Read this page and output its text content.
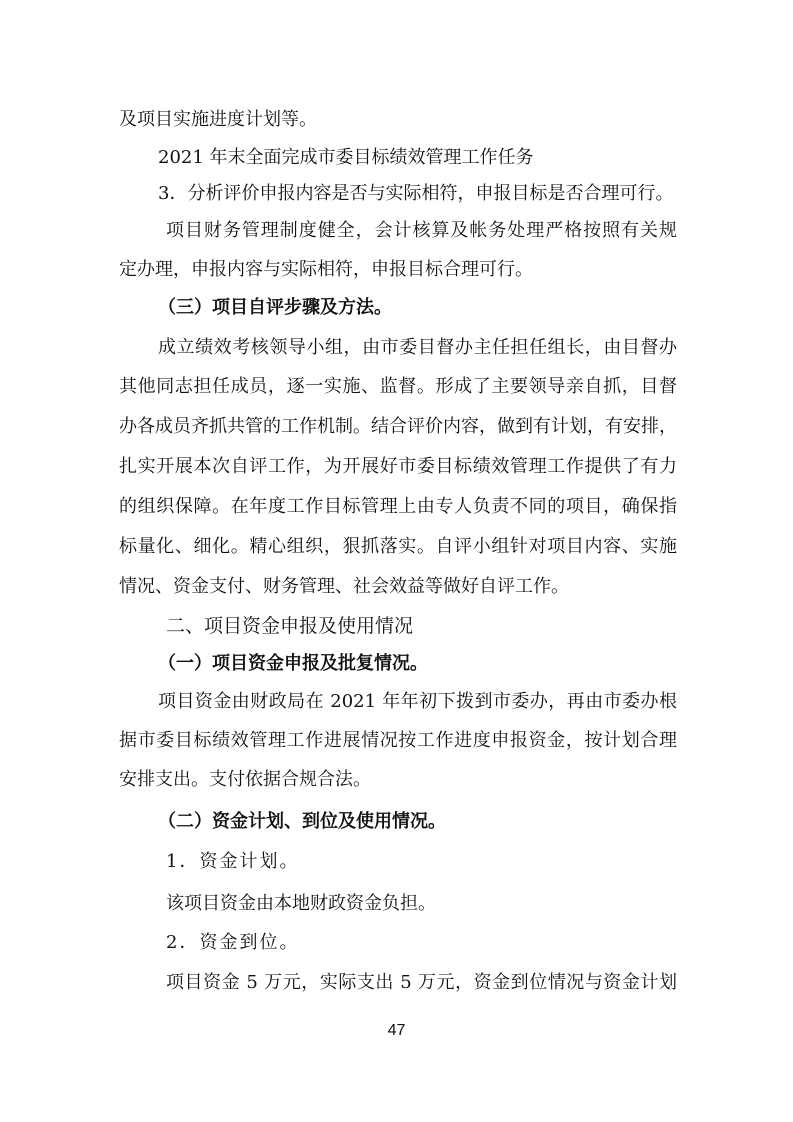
及项目实施进度计划等。
2021 年末全面完成市委目标绩效管理工作任务
3．分析评价申报内容是否与实际相符，申报目标是否合理可行。
项目财务管理制度健全，会计核算及帐务处理严格按照有关规
定办理，申报内容与实际相符，申报目标合理可行。
（三）项目自评步骤及方法。
成立绩效考核领导小组，由市委目督办主任担任组长，由目督办
其他同志担任成员，逐一实施、监督。形成了主要领导亲自抓，目督
办各成员齐抓共管的工作机制。结合评价内容，做到有计划，有安排，
扎实开展本次自评工作，为开展好市委目标绩效管理工作提供了有力
的组织保障。在年度工作目标管理上由专人负责不同的项目，确保指
标量化、细化。精心组织，狠抓落实。自评小组针对项目内容、实施
情况、资金支付、财务管理、社会效益等做好自评工作。
二、项目资金申报及使用情况
（一）项目资金申报及批复情况。
项目资金由财政局在 2021 年年初下拨到市委办，再由市委办根
据市委目标绩效管理工作进展情况按工作进度申报资金，按计划合理
安排支出。支付依据合规合法。
（二）资金计划、到位及使用情况。
1．资金计划。
该项目资金由本地财政资金负担。
2．资金到位。
项目资金 5 万元，实际支出 5 万元，资金到位情况与资金计划
47
